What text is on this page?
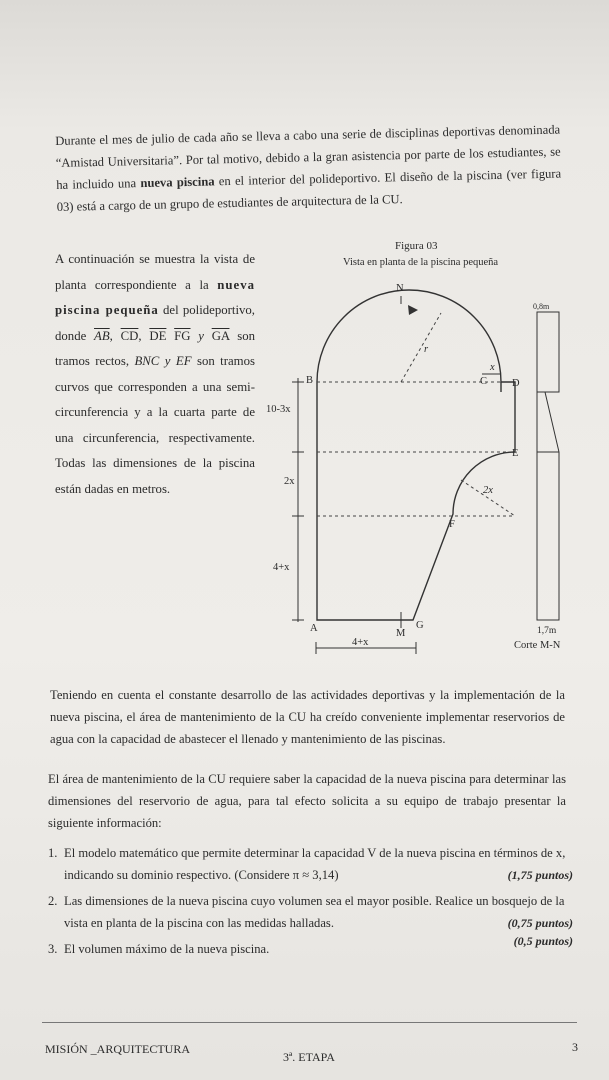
Durante el mes de julio de cada año se lleva a cabo una serie de disciplinas deportivas denominada “Amistad Universitaria”. Por tal motivo, debido a la gran asistencia por parte de los estudiantes, se ha incluido una nueva piscina en el interior del polideportivo. El diseño de la piscina (ver figura 03) está a cargo de un grupo de estudiantes de arquitectura de la CU.
A continuación se muestra la vista de planta correspondiente a la nueva piscina pequeña del polideportivo, donde $\overline{AB}$, $\overline{CD}$, $\overline{DE}$ $\overline{FG}$ y $\overline{GA}$ son tramos rectos, BNC y EF son tramos curvos que corresponden a una semi-circunferencia y a la cuarta parte de una circunferencia, respectivamente. Todas las dimensiones de la piscina están dadas en metros.
Figura 03
Vista en planta de la piscina pequeña
N
B	C D
E
F
G
A	M
r
x
2x
10-3x
2x
4+x
4+x
0,8m
1,7m
Corte M-N
Teniendo en cuenta el constante desarrollo de las actividades deportivas y la implementación de la nueva piscina, el área de mantenimiento de la CU ha creído conveniente implementar reservorios de agua con la capacidad de abastecer el llenado y mantenimiento de las piscinas.
El área de mantenimiento de la CU requiere saber la capacidad de la nueva piscina para determinar las dimensiones del reservorio de agua, para tal efecto solicita a su equipo de trabajo presentar la siguiente información:
1. El modelo matemático que permite determinar la capacidad V de la nueva piscina en términos de x, indicando su dominio respectivo. (Considere π ≈ 3,14)	(1,75 puntos)
2. Las dimensiones de la nueva piscina cuyo volumen sea el mayor posible. Realice un bosquejo de la vista en planta de la piscina con las medidas halladas.	(0,75 puntos)
3. El volumen máximo de la nueva piscina.
(0,5 puntos)
MISIÓN _ARQUITECTURA
3ª. ETAPA
3
